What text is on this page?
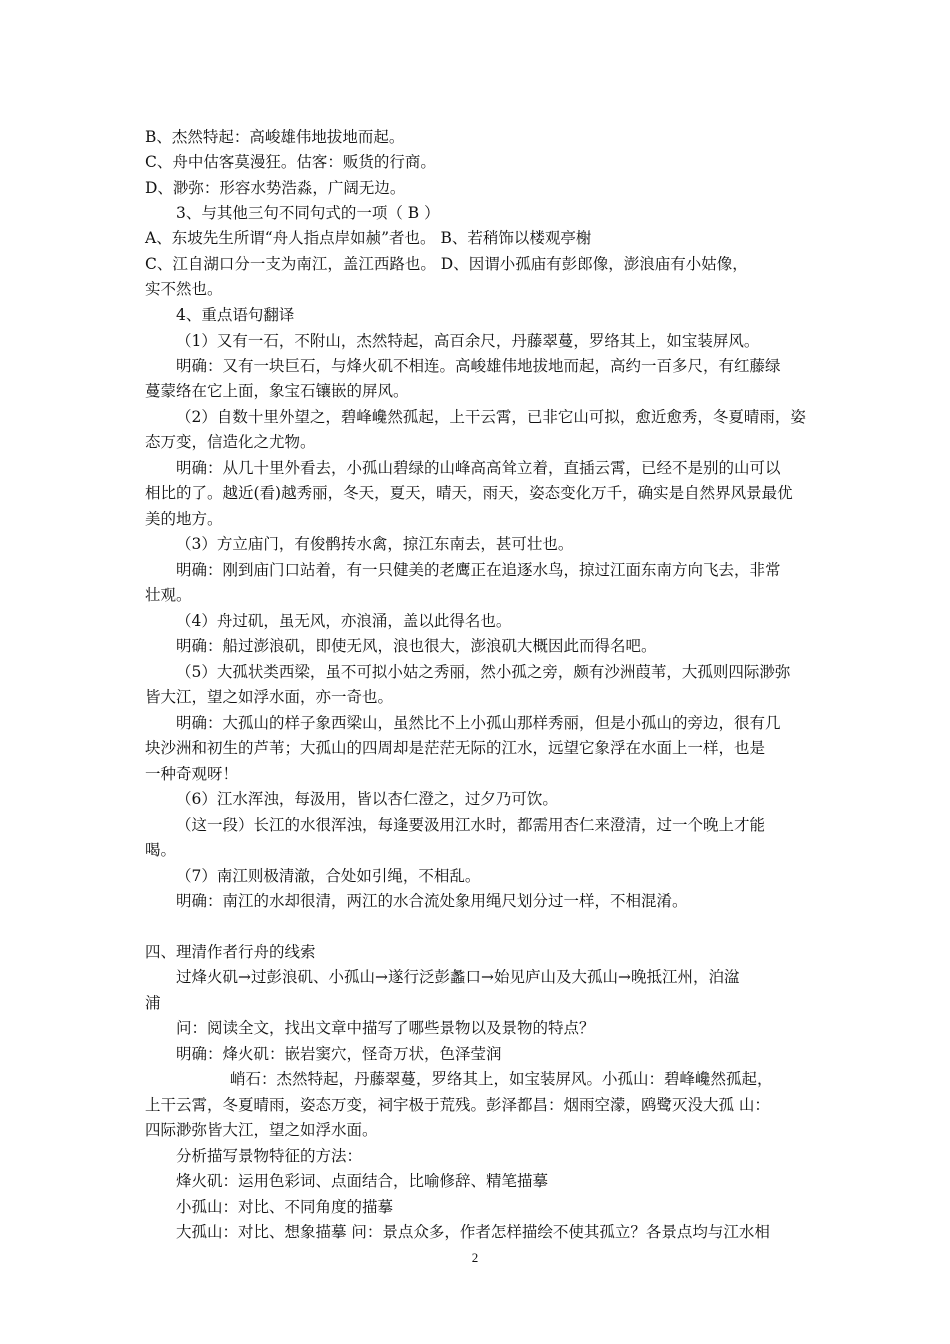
B、杰然特起：高峻雄伟地拔地而起。
C、舟中估客莫漫狂。估客：贩货的行商。
D、渺弥：形容水势浩淼，广阔无边。
3、与其他三句不同句式的一项（ B ）
A、东坡先生所谓“舟人指点岸如赪”者也。 B、若稍饰以楼观亭榭
C、江自湖口分一支为南江，盖江西路也。 D、因谓小孤庙有彭郎像，澎浪庙有小姑像，
实不然也。
4、重点语句翻译
（1）又有一石，不附山，杰然特起，高百余尺，丹藤翠蔓，罗络其上，如宝装屏风。
明确：又有一块巨石，与烽火矶不相连。高峻雄伟地拔地而起，高约一百多尺，有红藤绿
蔓蒙络在它上面，象宝石镶嵌的屏风。
（2）自数十里外望之，碧峰巉然孤起，上干云霄，已非它山可拟，愈近愈秀，冬夏晴雨，姿
态万变，信造化之尤物。
明确：从几十里外看去，小孤山碧绿的山峰高高耸立着，直插云霄，已经不是别的山可以
相比的了。越近(看)越秀丽，冬天，夏天，晴天，雨天，姿态变化万千，确实是自然界风景最优
美的地方。
（3）方立庙门，有俊鹘抟水禽，掠江东南去，甚可壮也。
明确：刚到庙门口站着，有一只健美的老鹰正在追逐水鸟，掠过江面东南方向飞去，非常
壮观。
（4）舟过矶，虽无风，亦浪涌，盖以此得名也。
明确：船过澎浪矶，即使无风，浪也很大，澎浪矶大概因此而得名吧。
（5）大孤状类西梁，虽不可拟小姑之秀丽，然小孤之旁，颇有沙洲葭苇，大孤则四际渺弥
皆大江，望之如浮水面，亦一奇也。
明确：大孤山的样子象西梁山，虽然比不上小孤山那样秀丽，但是小孤山的旁边，很有几
块沙洲和初生的芦苇；大孤山的四周却是茫茫无际的江水，远望它象浮在水面上一样，也是
一种奇观呀！
（6）江水浑浊，每汲用，皆以杏仁澄之，过夕乃可饮。
（这一段）长江的水很浑浊，每逢要汲用江水时，都需用杏仁来澄清，过一个晚上才能
喝。
（7）南江则极清澈，合处如引绳，不相乱。
明确：南江的水却很清，两江的水合流处象用绳尺划分过一样，不相混淆。
四、理清作者行舟的线索
过烽火矶→过彭浪矶、小孤山→遂行泛彭蠡口→始见庐山及大孤山→晚抵江州，泊湓
浦
问：阅读全文，找出文章中描写了哪些景物以及景物的特点？
明确：烽火矶：嵌岩窦穴，怪奇万状，色泽莹润
峭石：杰然特起，丹藤翠蔓，罗络其上，如宝装屏风。小孤山：碧峰巉然孤起，
上干云霄，冬夏晴雨，姿态万变，祠宇极于荒残。彭泽都昌：烟雨空濛，鸥鹭灭没大孤 山：
四际渺弥皆大江，望之如浮水面。
分析描写景物特征的方法：
烽火矶：运用色彩词、点面结合，比喻修辞、精笔描摹
小孤山：对比、不同角度的描摹
大孤山：对比、想象描摹 问：景点众多，作者怎样描绘不使其孤立？各景点均与江水相
2
